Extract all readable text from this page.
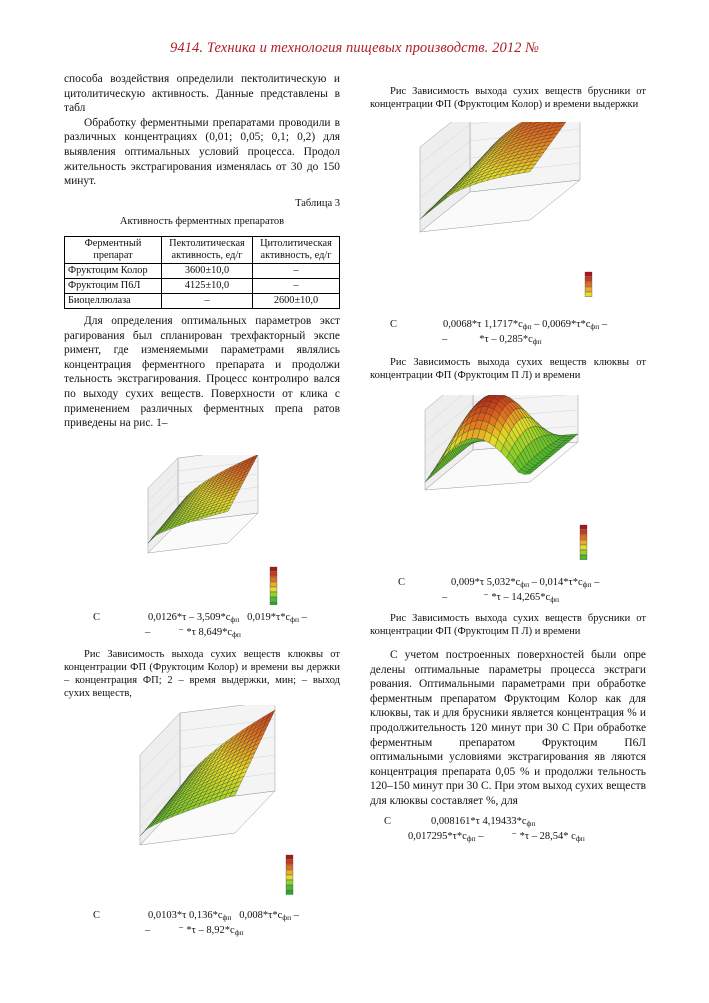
9414. Техника и технология пищевых производств. 2012 №

способа воздействия определили пектолитическую и цитолитическую активность. Данные представлены в табл

Обработку ферментными препаратами проводили в различных концентрациях (0,01; 0,05; 0,1; 0,2) для выявления оптимальных условий процесса. Продол жительность экстрагирования изменялась от 30 до 150 минут.

Таблица 3
Активность ферментных препаратов
Ферментный препарат	Пектолитическая активность, ед/г	Цитолитическая активность, ед/г
Фруктоцим Колор	3600±10,0	–
Фруктоцим П6Л	4125±10,0	–
Биоцеллюлаза	–	2600±10,0

Для определения оптимальных параметров экст рагирования был спланирован трехфакторный экспе римент, где изменяемыми параметрами являлись концентрация ферментного препарата и продолжи тельность экстрагирования. Процесс контролиро вался по выходу сухих веществ. Поверхности от клика с применением различных ферментных препа ратов приведены на рис. 1–

С	$0,0126*\tau - 3,509*с_{фп}$ $0,019*\tau*с_{фп}$ –
–	⁻ *τ $8,649*с_{фп}$

Рис Зависимость выхода сухих веществ клюквы от концентрации ФП (Фруктоцим Колор) и времени вы держки – концентрация ФП; 2 – время выдержки, мин; – выход сухих веществ,

С	0,0103*τ $0,136*с_{фп}$ $0,008*\tau*с_{фп}$ –
–	⁻ $*\tau - 8,92*с_{фп}$

Рис Зависимость выхода сухих веществ брусники от концентрации ФП (Фруктоцим Колор) и времени выдержки

С	0,0068*τ $1,1717*с_{фп} - 0,0069*\tau*с_{фп}$ –
–	$*\tau - 0,285*с_{фп}$

Рис Зависимость выхода сухих веществ клюквы от концентрации ФП (Фруктоцим П Л) и времени

С	0,009*τ $5,032*с_{фп} - 0,014*\tau*с_{фп}$ –
–	⁻ $*\tau - 14,265*с_{фп}$

Рис Зависимость выхода сухих веществ брусники от концентрации ФП (Фруктоцим П Л) и времени

С учетом построенных поверхностей были опре делены оптимальные параметры процесса экстраги рования. Оптимальными параметрами при обработке ферментным препаратом Фруктоцим Колор как для клюквы, так и для брусники является концентрация % и продолжительность 120 минут при 30 С При обработке ферментным препаратом Фруктоцим П6Л оптимальными условиями экстрагирования яв ляются концентрация препарата 0,05 % и продолжи тельность 120–150 минут при 30 С. При этом выход сухих веществ для клюквы составляет %, для

С	0,008161*τ $4,19433*с_{фп}$
$0,017295*\tau*с_{фп}$ –	⁻ *τ – 28,54* $с_{фп}$
